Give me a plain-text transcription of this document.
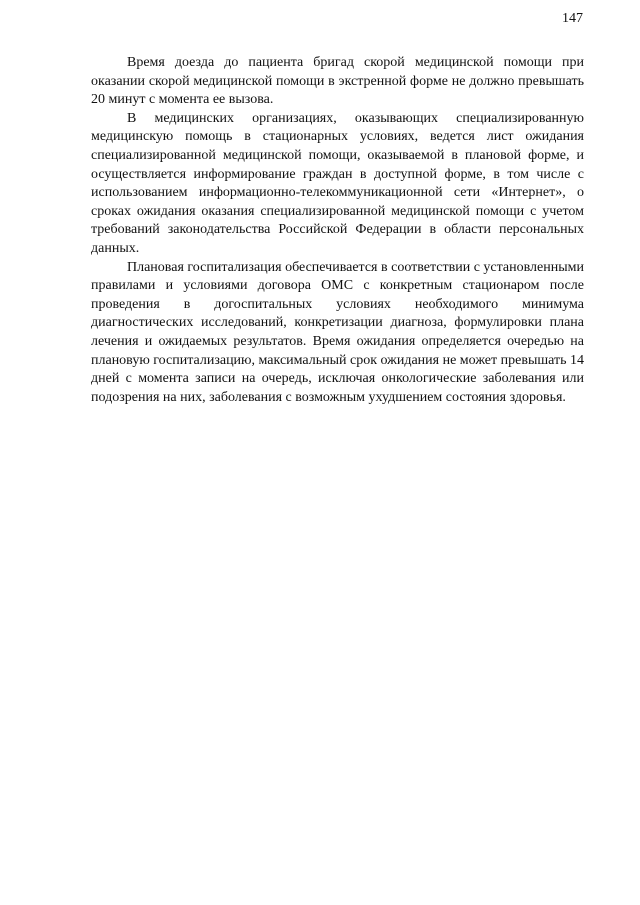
147

Время доезда до пациента бригад скорой медицинской помощи при оказании скорой медицинской помощи в экстренной форме не должно превышать 20 минут с момента ее вызова.

В медицинских организациях, оказывающих специализированную медицинскую помощь в стационарных условиях, ведется лист ожидания специализированной медицинской помощи, оказываемой в плановой форме, и осуществляется информирование граждан в доступной форме, в том числе с использованием информационно-телекоммуникационной сети «Интернет», о сроках ожидания оказания специализированной медицинской помощи с учетом требований законодательства Российской Федерации в области персональных данных.

Плановая госпитализация обеспечивается в соответствии с установленными правилами и условиями договора ОМС с конкретным стационаром после проведения в догоспитальных условиях необходимого минимума диагностических исследований, конкретизации диагноза, формулировки плана лечения и ожидаемых результатов. Время ожидания определяется очередью на плановую госпитализацию, максимальный срок ожидания не может превышать 14 дней с момента записи на очередь, исключая онкологические заболевания или подозрения на них, заболевания с возможным ухудшением состояния здоровья.
